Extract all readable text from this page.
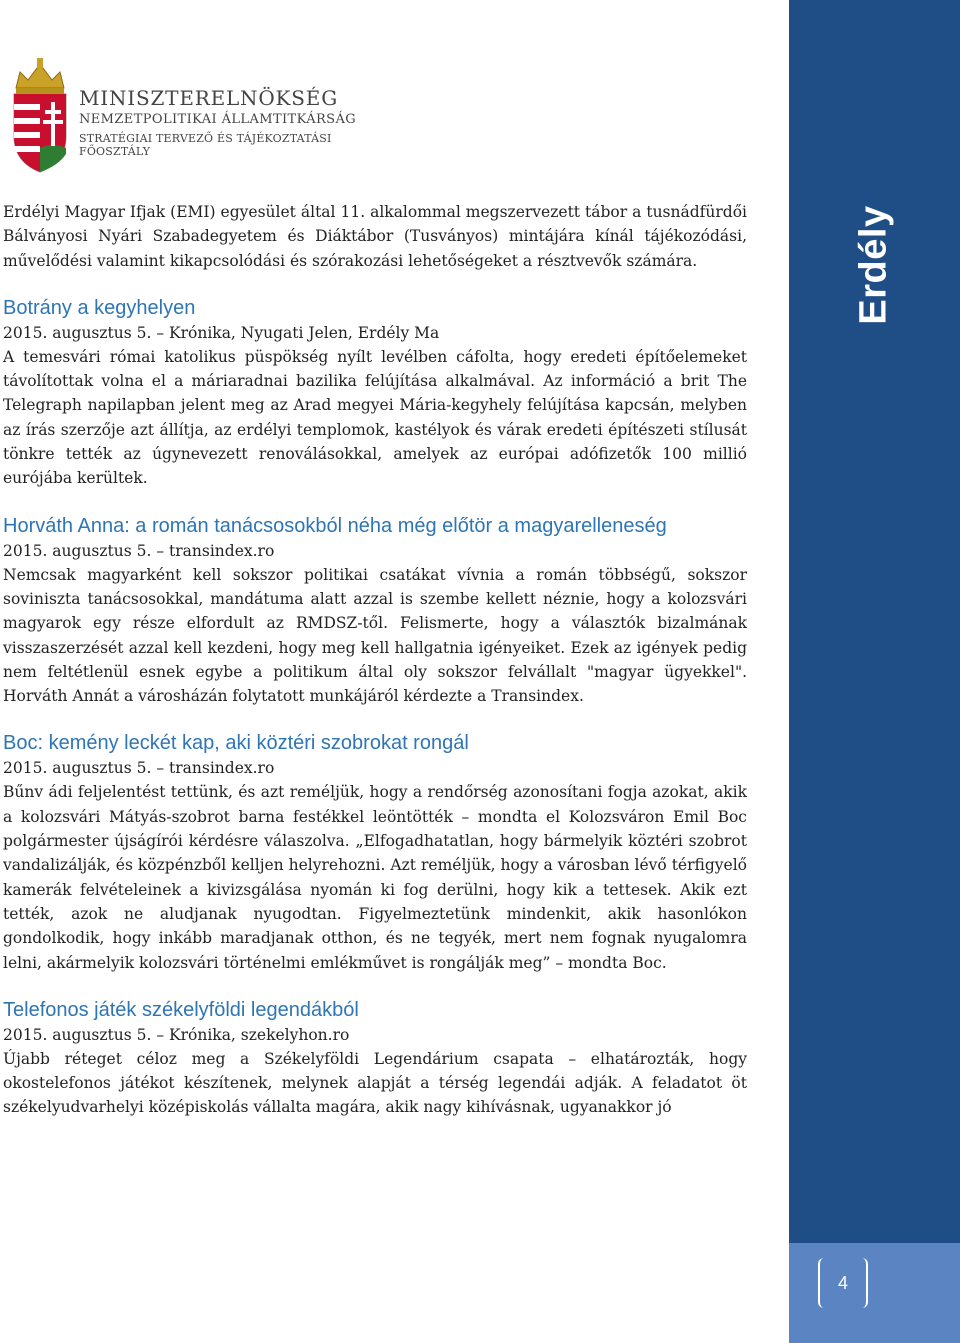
MINISZTERELNÖKSÉG
NEMZETPOLITIKAI ÁLLAMTITKÁRSÁG
STRATÉGIAI TERVEZŐ ÉS TÁJÉKOZTATÁSI FŐOSZTÁLY
Erdély
4

Erdélyi Magyar Ifjak (EMI) egyesület által 11. alkalommal megszervezett tábor a tusnádfürdői Bálványosi Nyári Szabadegyetem és Diáktábor (Tusványos) mintájára kínál tájékozódási, művelődési valamint kikapcsolódási és szórakozási lehetőségeket a résztvevők számára.

Botrány a kegyhelyen

2015. augusztus 5. – Krónika, Nyugati Jelen, Erdély Ma

A temesvári római katolikus püspökség nyílt levélben cáfolta, hogy eredeti építőelemeket távolítottak volna el a máriaradnai bazilika felújítása alkalmával. Az információ a brit The Telegraph napilapban jelent meg az Arad megyei Mária-kegyhely felújítása kapcsán, melyben az írás szerzője azt állítja, az erdélyi templomok, kastélyok és várak eredeti építészeti stílusát tönkre tették az úgynevezett renoválásokkal, amelyek az európai adófizetők 100 millió eurójába kerültek.

Horváth Anna: a román tanácsosokból néha még előtör a magyarelleneség

2015. augusztus 5. – transindex.ro

Nemcsak magyarként kell sokszor politikai csatákat vívnia a román többségű, sokszor soviniszta tanácsosokkal, mandátuma alatt azzal is szembe kellett néznie, hogy a kolozsvári magyarok egy része elfordult az RMDSZ-től. Felismerte, hogy a választók bizalmának visszaszerzését azzal kell kezdeni, hogy meg kell hallgatnia igényeiket. Ezek az igények pedig nem feltétlenül esnek egybe a politikum által oly sokszor felvállalt "magyar ügyekkel". Horváth Annát a városházán folytatott munkájáról kérdezte a Transindex.

Boc: kemény leckét kap, aki köztéri szobrokat rongál

2015. augusztus 5. – transindex.ro

Bűnv ádi feljelentést tettünk, és azt reméljük, hogy a rendőrség azonosítani fogja azokat, akik a kolozsvári Mátyás-szobrot barna festékkel leöntötték – mondta el Kolozsváron Emil Boc polgármester újságírói kérdésre válaszolva. „Elfogadhatatlan, hogy bármelyik köztéri szobrot vandalizálják, és közpénzből kelljen helyrehozni. Azt reméljük, hogy a városban lévő térfigyelő kamerák felvételeinek a kivizsgálása nyomán ki fog derülni, hogy kik a tettesek. Akik ezt tették, azok ne aludjanak nyugodtan. Figyelmeztetünk mindenkit, akik hasonlókon gondolkodik, hogy inkább maradjanak otthon, és ne tegyék, mert nem fognak nyugalomra lelni, akármelyik kolozsvári történelmi emlékművet is rongálják meg” – mondta Boc.

Telefonos játék székelyföldi legendákból

2015. augusztus 5. – Krónika, szekelyhon.ro

Újabb réteget céloz meg a Székelyföldi Legendárium csapata – elhatározták, hogy okostelefonos játékot készítenek, melynek alapját a térség legendái adják. A feladatot öt székelyudvarhelyi középiskolás vállalta magára, akik nagy kihívásnak, ugyanakkor jó
